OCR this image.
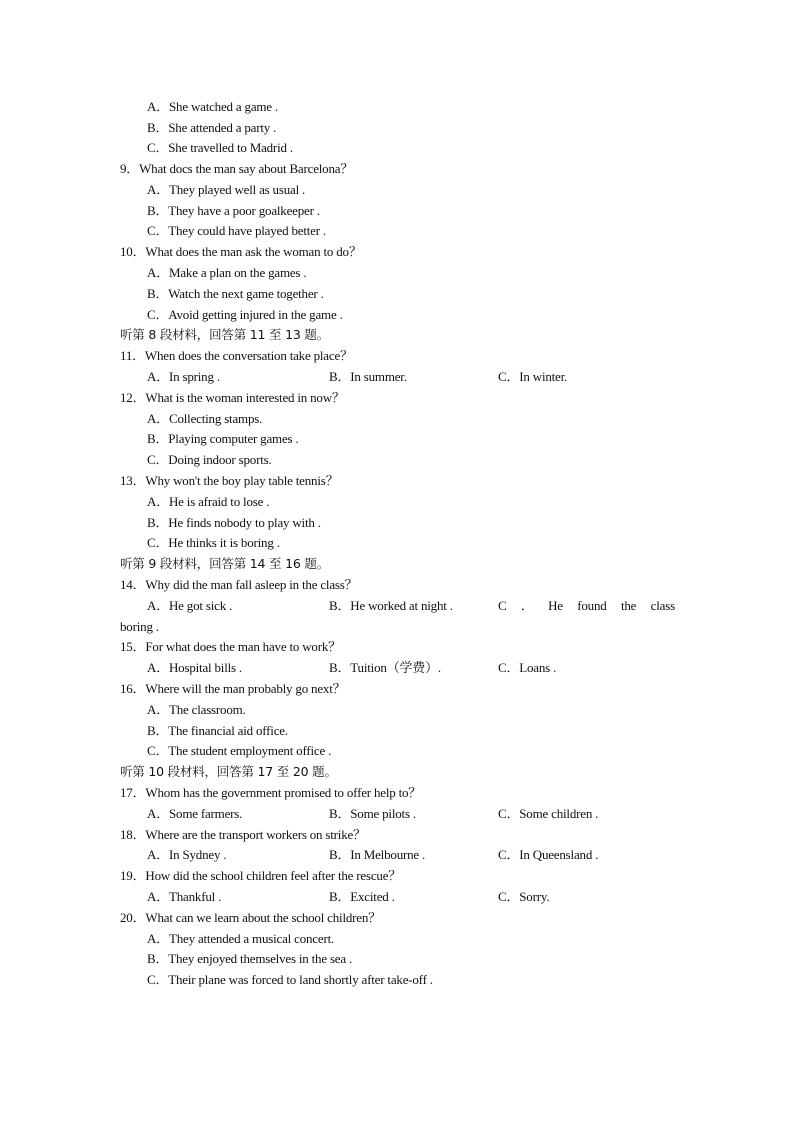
A．She watched a game .
B．She attended a party .
C．She travelled to Madrid .
9．What docs the man say about Barcelona？
A．They played well as usual .
B．They have a poor goalkeeper .
C．They could have played better .
10．What does the man ask the woman to do？
A．Make a plan on the games .
B．Watch the next game together .
C．Avoid getting injured in the game .
听第 8 段材料，回答第 11 至 13 题。
11．When does the conversation take place？
A．In spring .	B．In summer.	C．In winter.
12．What is the woman interested in now？
A．Collecting stamps.
B．Playing computer games .
C．Doing indoor sports.
13．Why won't the boy play table tennis？
A．He is afraid to lose .
B．He finds nobody to play with .
C．He thinks it is boring .
听第 9 段材料，回答第 14 至 16 题。
14．Why did the man fall asleep in the class？
A．He got sick .	B．He worked at night .	C ． He found the class
boring .
15．For what does the man have to work？
A．Hospital bills .	B．Tuition（学费）.	C．Loans .
16．Where will the man probably go next？
A．The classroom.
B．The financial aid office.
C．The student employment office .
听第 10 段材料，回答第 17 至 20 题。
17．Whom has the government promised to offer help to？
A．Some farmers.	B．Some pilots .	C．Some children .
18．Where are the transport workers on strike？
A．In Sydney .	B．In Melbourne .	C．In Queensland .
19．How did the school children feel after the rescue？
A．Thankful .	B．Excited .	C．Sorry.
20．What can we learn about the school children？
A．They attended a musical concert.
B．They enjoyed themselves in the sea .
C．Their plane was forced to land shortly after take-off .
